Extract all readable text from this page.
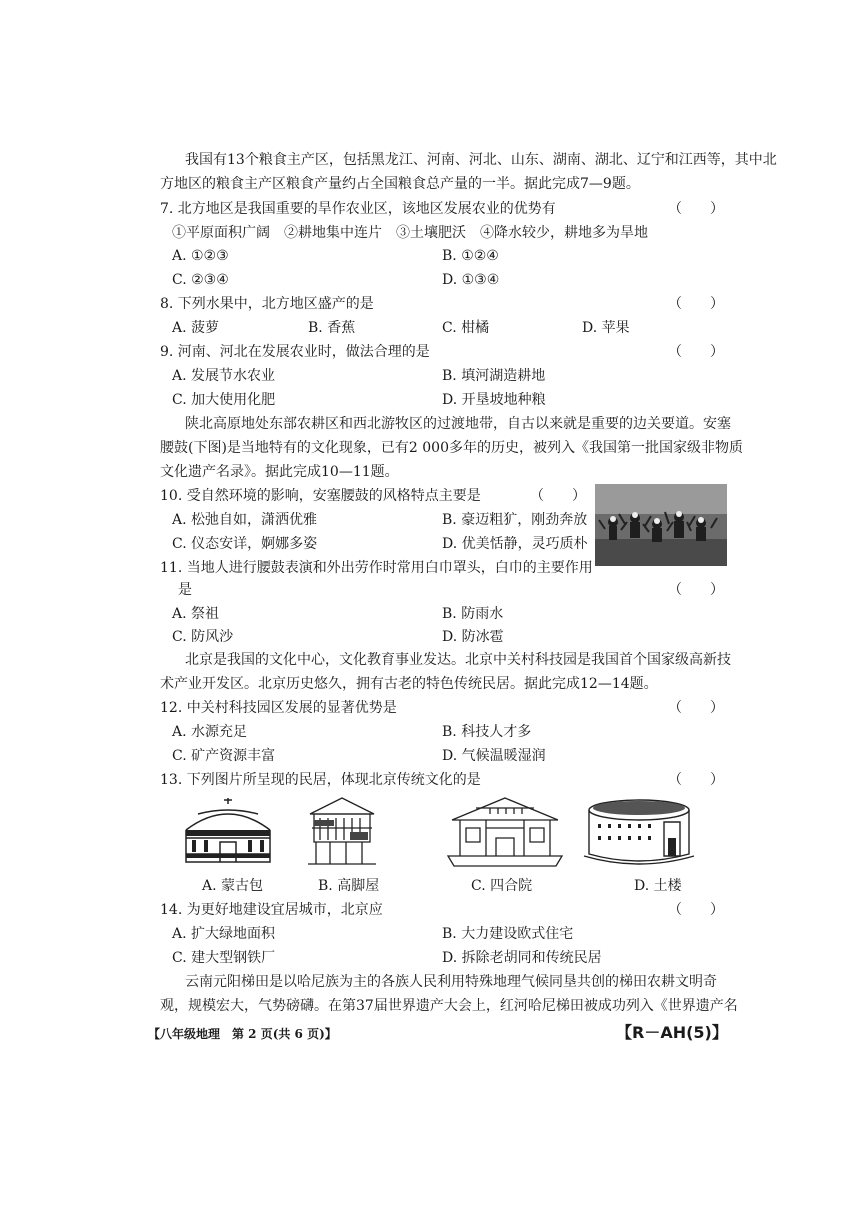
我国有13个粮食主产区，包括黑龙江、河南、河北、山东、湖南、湖北、辽宁和江西等，其中北
方地区的粮食主产区粮食产量约占全国粮食总产量的一半。据此完成7—9题。
7. 北方地区是我国重要的旱作农业区，该地区发展农业的优势有	（　　）
①平原面积广阔　②耕地集中连片　③土壤肥沃　④降水较少，耕地多为旱地
A. ①②③	B. ①②④
C. ②③④	D. ①③④
8. 下列水果中，北方地区盛产的是	（　　）
A. 菠萝	B. 香蕉	C. 柑橘	D. 苹果
9. 河南、河北在发展农业时，做法合理的是	（　　）
A. 发展节水农业	B. 填河湖造耕地
C. 加大使用化肥	D. 开垦坡地种粮
陕北高原地处东部农耕区和西北游牧区的过渡地带，自古以来就是重要的边关要道。安塞
腰鼓(下图)是当地特有的文化现象，已有2 000多年的历史，被列入《我国第一批国家级非物质
文化遗产名录》。据此完成10—11题。
10. 受自然环境的影响，安塞腰鼓的风格特点主要是	（　　）
A. 松弛自如，潇洒优雅	B. 豪迈粗犷，刚劲奔放
C. 仪态安详，婀娜多姿	D. 优美恬静，灵巧质朴
11. 当地人进行腰鼓表演和外出劳作时常用白巾罩头，白巾的主要作用
是	（　　）
A. 祭祖	B. 防雨水
C. 防风沙	D. 防冰雹
北京是我国的文化中心，文化教育事业发达。北京中关村科技园是我国首个国家级高新技
术产业开发区。北京历史悠久，拥有古老的特色传统民居。据此完成12—14题。
12. 中关村科技园区发展的显著优势是	（　　）
A. 水源充足	B. 科技人才多
C. 矿产资源丰富	D. 气候温暖湿润
13. 下列图片所呈现的民居，体现北京传统文化的是	（　　）
A. 蒙古包	B. 高脚屋	C. 四合院	D. 土楼
14. 为更好地建设宜居城市，北京应	（　　）
A. 扩大绿地面积	B. 大力建设欧式住宅
C. 建大型钢铁厂	D. 拆除老胡同和传统民居
云南元阳梯田是以哈尼族为主的各族人民利用特殊地理气候同垦共创的梯田农耕文明奇
观，规模宏大，气势磅礴。在第37届世界遗产大会上，红河哈尼梯田被成功列入《世界遗产名
【八年级地理　第 2 页(共 6 页)】	【R－AH(5)】
